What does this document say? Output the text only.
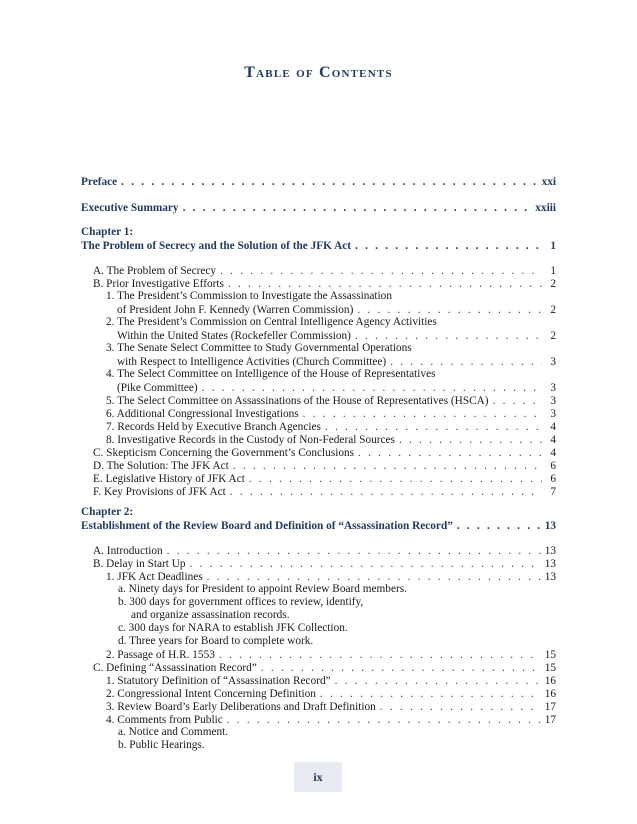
Table of Contents
Preface . . .	xxi
Executive Summary . . .	xxiii
Chapter 1:
The Problem of Secrecy and the Solution of the JFK Act . . .	1
A. The Problem of Secrecy . . .	1
B. Prior Investigative Efforts . . .	2
1. The President’s Commission to Investigate the Assassination
of President John F. Kennedy (Warren Commission) . . .	2
2. The President’s Commission on Central Intelligence Agency Activities
Within the United States (Rockefeller Commission) . . .	2
3. The Senate Select Committee to Study Governmental Operations
with Respect to Intelligence Activities (Church Committee) . . .	3
4. The Select Committee on Intelligence of the House of Representatives
(Pike Committee) . . .	3
5. The Select Committee on Assassinations of the House of Representatives (HSCA) . . .	3
6. Additional Congressional Investigations . . .	3
7. Records Held by Executive Branch Agencies . . .	4
8. Investigative Records in the Custody of Non-Federal Sources . . .	4
C. Skepticism Concerning the Government’s Conclusions . . .	4
D. The Solution: The JFK Act . . .	6
E. Legislative History of JFK Act . . .	6
F. Key Provisions of JFK Act . . .	7
Chapter 2:
Establishment of the Review Board and Definition of “Assassination Record” . . .	13
A. Introduction . . .	13
B. Delay in Start Up . . .	13
1. JFK Act Deadlines . . .	13
a. Ninety days for President to appoint Review Board members.
b. 300 days for government offices to review, identify,
and organize assassination records.
c. 300 days for NARA to establish JFK Collection.
d. Three years for Board to complete work.
2. Passage of H.R. 1553 . . .	15
C. Defining “Assassination Record” . . .	15
1. Statutory Definition of “Assassination Record” . . .	16
2. Congressional Intent Concerning Definition . . .	16
3. Review Board’s Early Deliberations and Draft Definition . . .	17
4. Comments from Public . . .	17
a. Notice and Comment.
b. Public Hearings.
ix
